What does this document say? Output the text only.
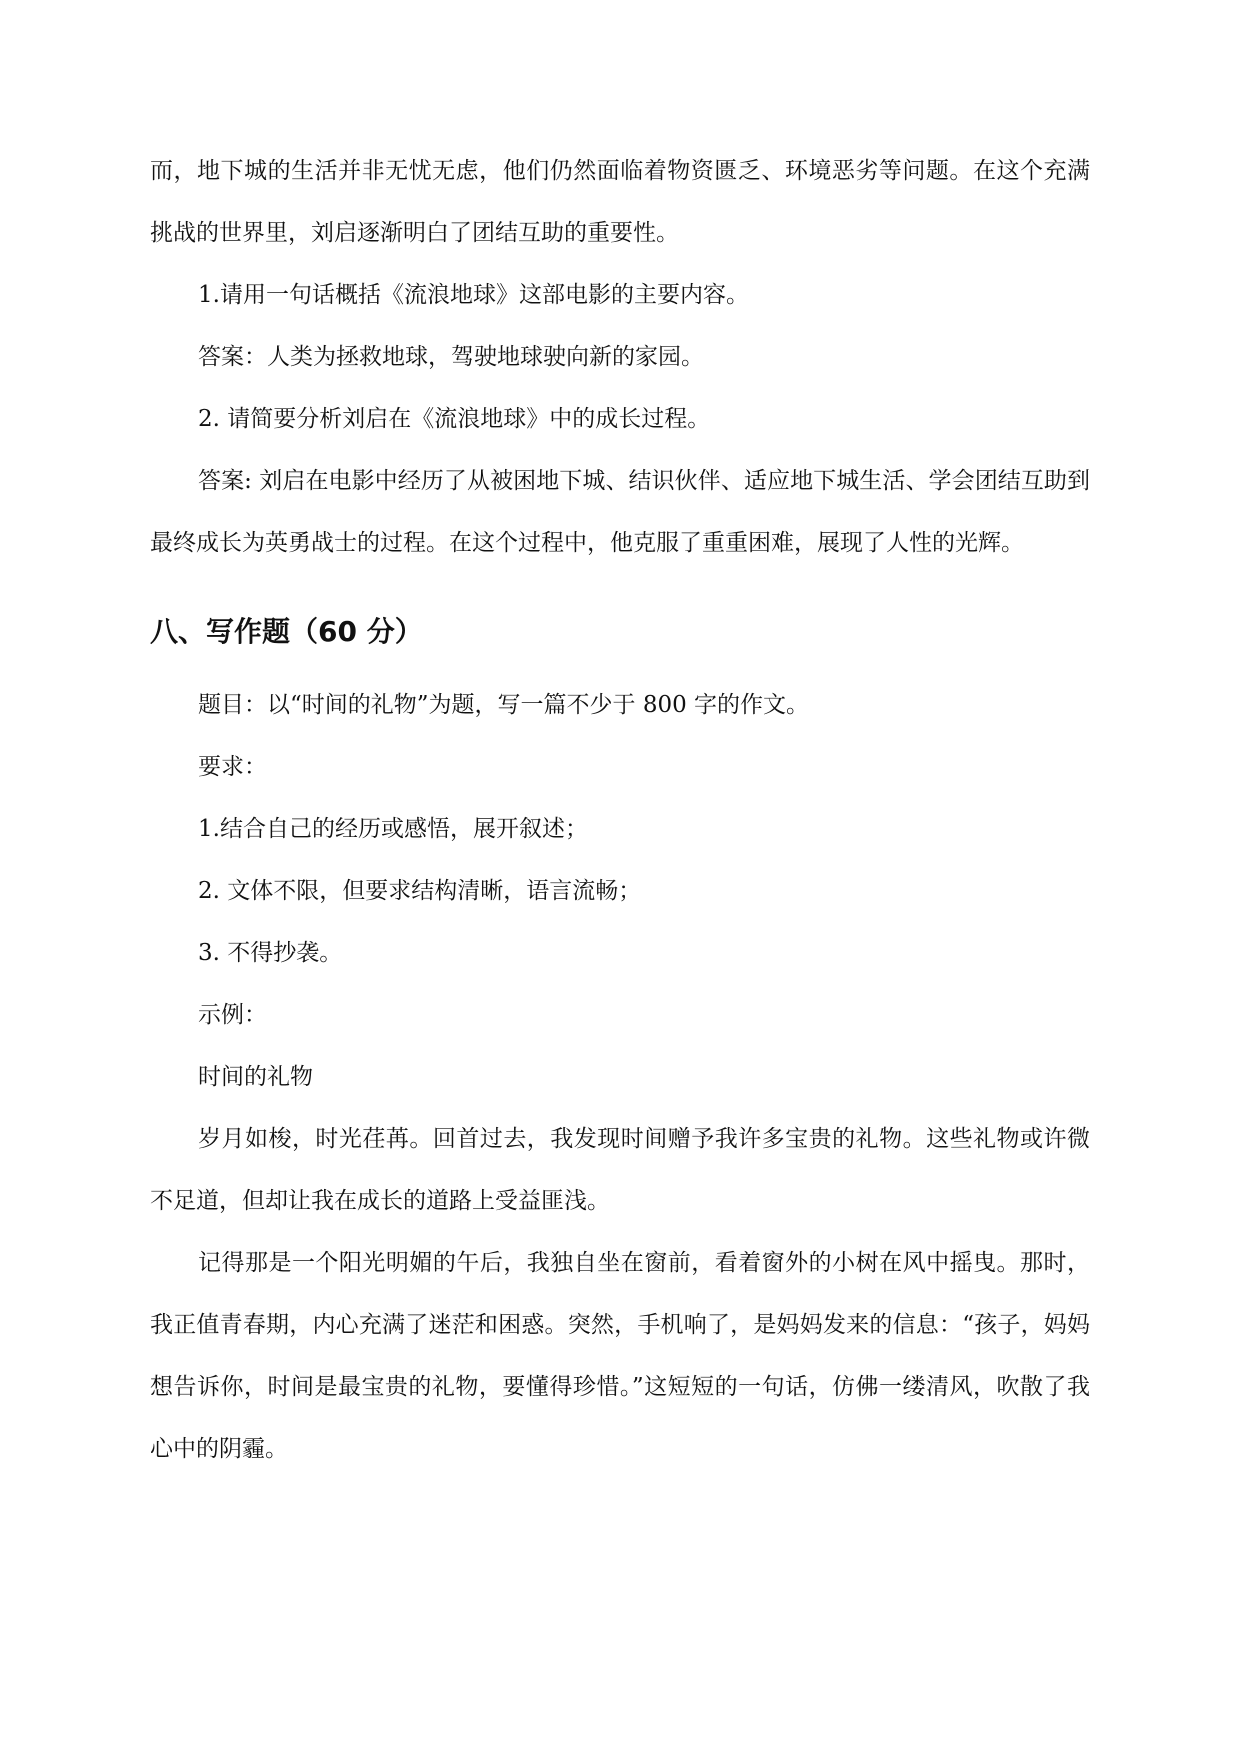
而，地下城的生活并非无忧无虑，他们仍然面临着物资匮乏、环境恶劣等问题。在这个充满挑战的世界里，刘启逐渐明白了团结互助的重要性。

1.请用一句话概括《流浪地球》这部电影的主要内容。

答案：人类为拯救地球，驾驶地球驶向新的家园。

2. 请简要分析刘启在《流浪地球》中的成长过程。

答案: 刘启在电影中经历了从被困地下城、结识伙伴、适应地下城生活、学会团结互助到最终成长为英勇战士的过程。在这个过程中，他克服了重重困难，展现了人性的光辉。

八、写作题（60 分）

题目：以“时间的礼物”为题，写一篇不少于 800 字的作文。

要求：

1.结合自己的经历或感悟，展开叙述；

2. 文体不限，但要求结构清晰，语言流畅；

3. 不得抄袭。

示例：

时间的礼物

岁月如梭，时光荏苒。回首过去，我发现时间赠予我许多宝贵的礼物。这些礼物或许微不足道，但却让我在成长的道路上受益匪浅。

记得那是一个阳光明媚的午后，我独自坐在窗前，看着窗外的小树在风中摇曳。那时，我正值青春期，内心充满了迷茫和困惑。突然，手机响了，是妈妈发来的信息：“孩子，妈妈想告诉你，时间是最宝贵的礼物，要懂得珍惜。”这短短的一句话，仿佛一缕清风，吹散了我心中的阴霾。
